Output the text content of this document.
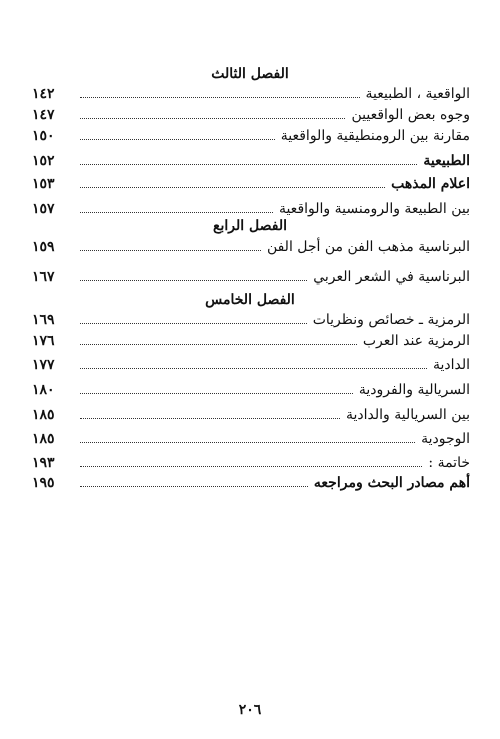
الفصل الثالث
١٤٢	الواقعية ، الطبيعية
١٤٧	وجوه بعض الواقعيين
١٥٠	مقارنة بين الرومنطيقية والواقعية
١٥٢	الطبيعية
١٥٣	اعلام المذهب
١٥٧	بين الطبيعة والرومنسية والواقعية
الفصل الرابع
١٥٩	البرناسية مذهب الفن من أجل الفن
١٦٧	البرناسية في الشعر العربي
الفصل الخامس
١٦٩	الرمزية ـ خصائص ونظريات
١٧٦	الرمزية عند العرب
١٧٧	الدادية
١٨٠	السريالية والفرودية
١٨٥	بين السريالية والدادية
١٨٥	الوجودية
١٩٣	خاتمة :
١٩٥	أهم مصادر البحث ومراجعه
٢٠٦
